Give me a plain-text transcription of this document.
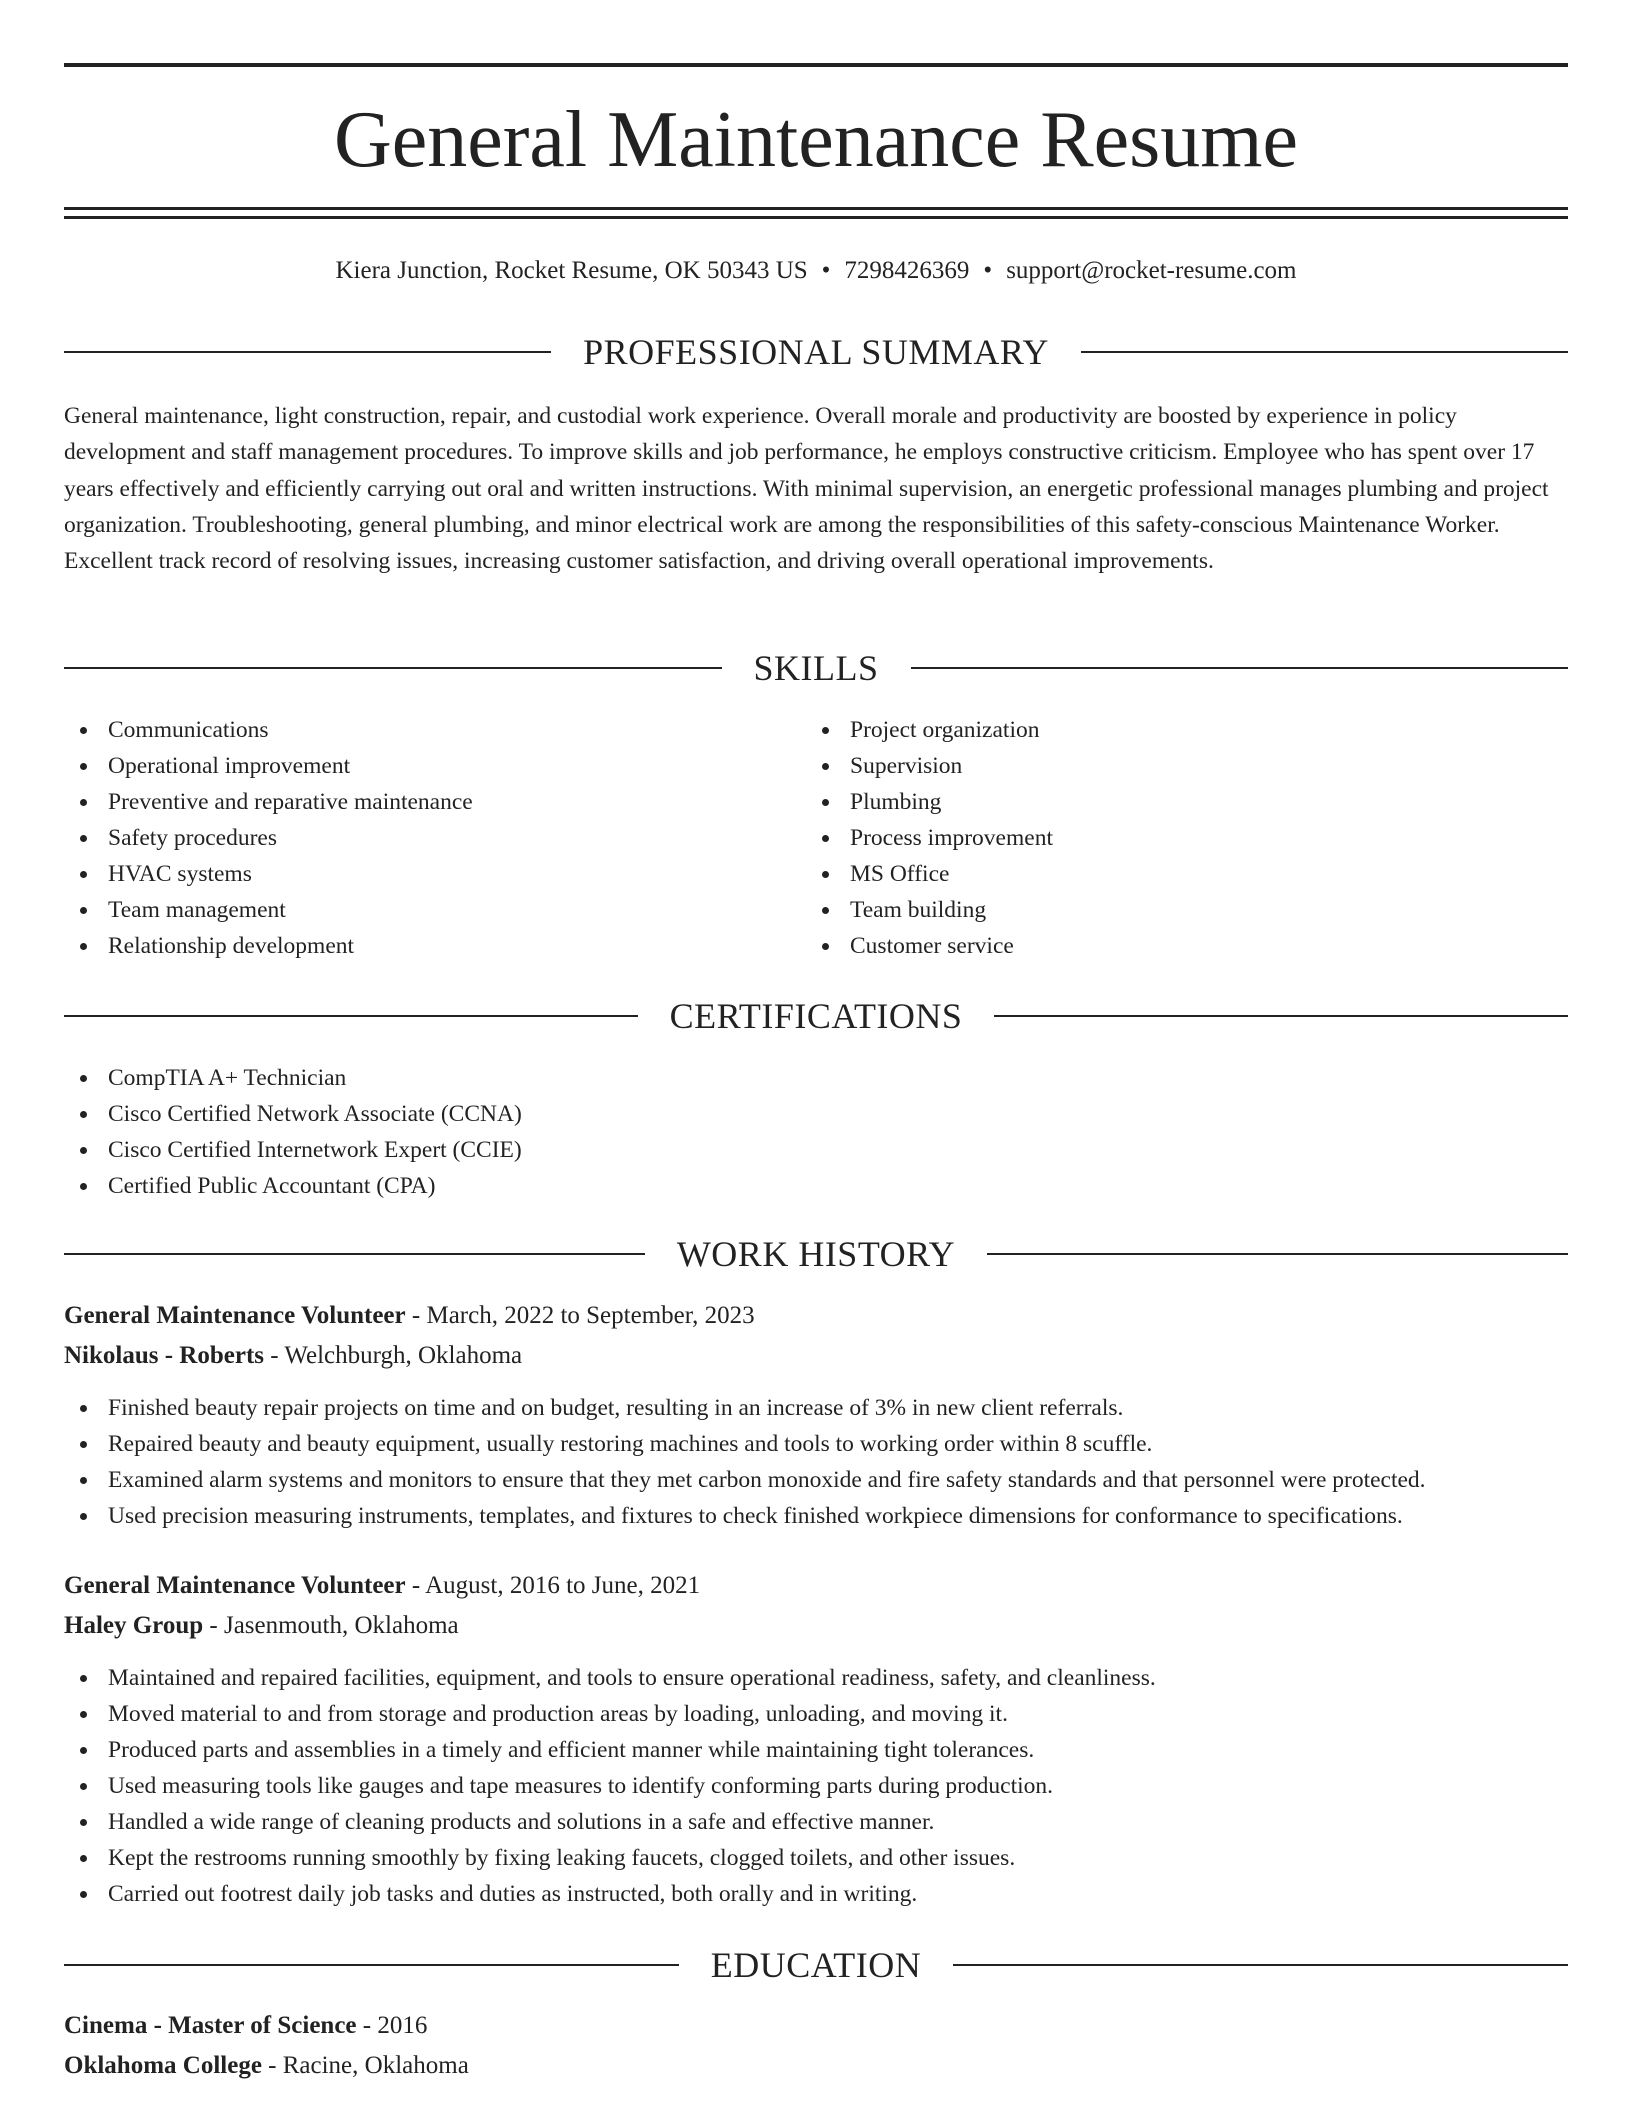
General Maintenance Resume
Kiera Junction, Rocket Resume, OK 50343 US • 7298426369 • support@rocket-resume.com
PROFESSIONAL SUMMARY

General maintenance, light construction, repair, and custodial work experience. Overall morale and productivity are boosted by experience in policy development and staff management procedures. To improve skills and job performance, he employs constructive criticism. Employee who has spent over 17 years effectively and efficiently carrying out oral and written instructions. With minimal supervision, an energetic professional manages plumbing and project organization. Troubleshooting, general plumbing, and minor electrical work are among the responsibilities of this safety-conscious Maintenance Worker. Excellent track record of resolving issues, increasing customer satisfaction, and driving overall operational improvements.

SKILLS
Communications
Operational improvement
Preventive and reparative maintenance
Safety procedures
HVAC systems
Team management
Relationship development
Project organization
Supervision
Plumbing
Process improvement
MS Office
Team building
Customer service
CERTIFICATIONS
CompTIA A+ Technician
Cisco Certified Network Associate (CCNA)
Cisco Certified Internetwork Expert (CCIE)
Certified Public Accountant (CPA)
WORK HISTORY
General Maintenance Volunteer - March, 2022 to September, 2023
Nikolaus - Roberts - Welchburgh, Oklahoma
Finished beauty repair projects on time and on budget, resulting in an increase of 3% in new client referrals.
Repaired beauty and beauty equipment, usually restoring machines and tools to working order within 8 scuffle.
Examined alarm systems and monitors to ensure that they met carbon monoxide and fire safety standards and that personnel were protected.
Used precision measuring instruments, templates, and fixtures to check finished workpiece dimensions for conformance to specifications.
General Maintenance Volunteer - August, 2016 to June, 2021
Haley Group - Jasenmouth, Oklahoma
Maintained and repaired facilities, equipment, and tools to ensure operational readiness, safety, and cleanliness.
Moved material to and from storage and production areas by loading, unloading, and moving it.
Produced parts and assemblies in a timely and efficient manner while maintaining tight tolerances.
Used measuring tools like gauges and tape measures to identify conforming parts during production.
Handled a wide range of cleaning products and solutions in a safe and effective manner.
Kept the restrooms running smoothly by fixing leaking faucets, clogged toilets, and other issues.
Carried out footrest daily job tasks and duties as instructed, both orally and in writing.
EDUCATION
Cinema - Master of Science - 2016
Oklahoma College - Racine, Oklahoma
